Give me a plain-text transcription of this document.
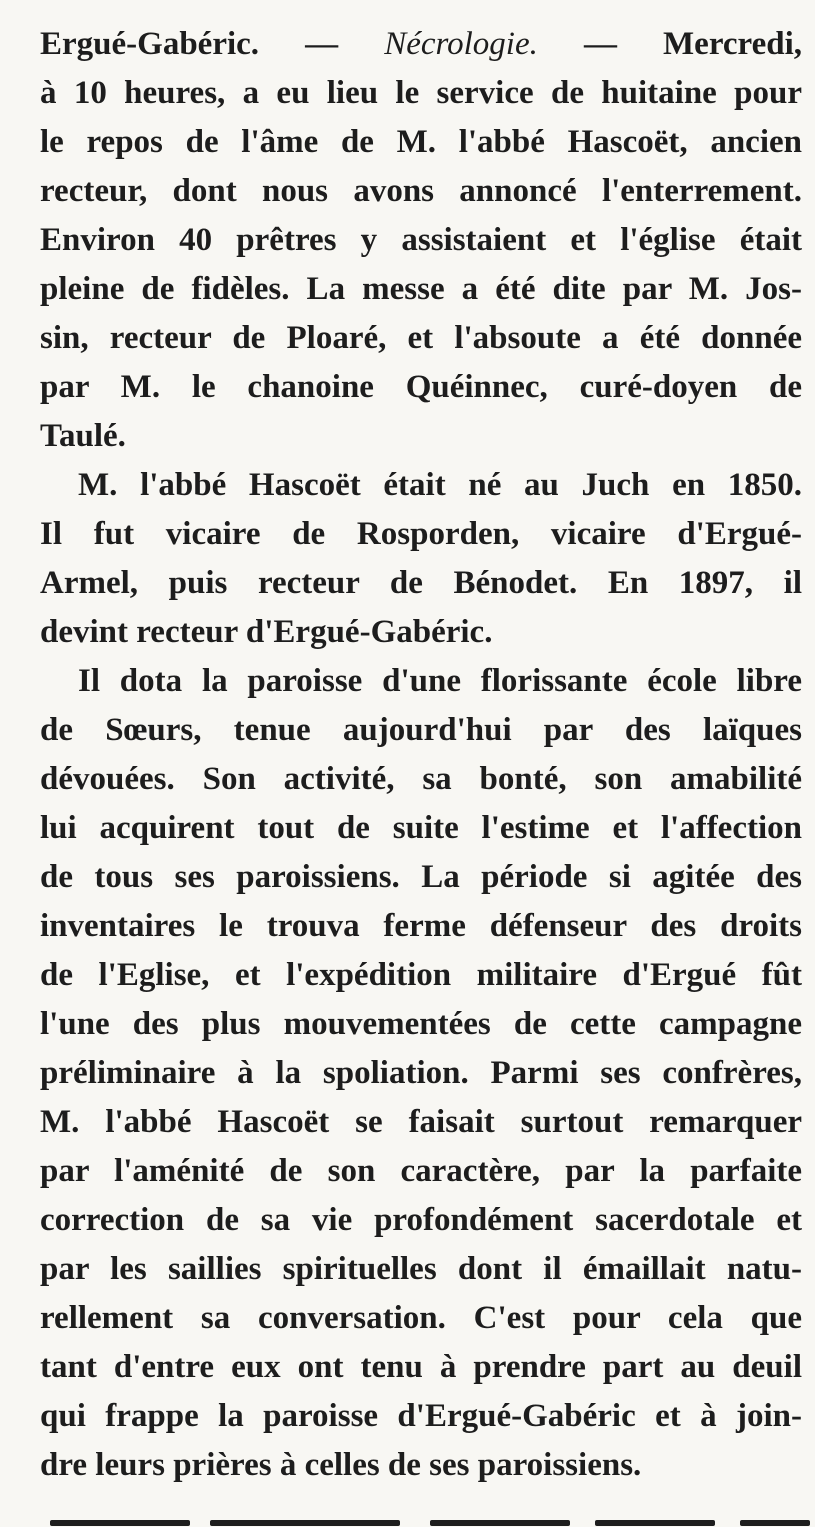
Ergué-Gabéric. — Nécrologie. — Mercredi,
à 10 heures, a eu lieu le service de huitaine pour
le repos de l'âme de M. l'abbé Hascoët, ancien
recteur, dont nous avons annoncé l'enterrement.
Environ 40 prêtres y assistaient et l'église était
pleine de fidèles. La messe a été dite par M. Jos-
sin, recteur de Ploaré, et l'absoute a été donnée
par M. le chanoine Quéinnec, curé-doyen de
Taulé.
M. l'abbé Hascoët était né au Juch en 1850.
Il fut vicaire de Rosporden, vicaire d'Ergué-
Armel, puis recteur de Bénodet. En 1897, il
devint recteur d'Ergué-Gabéric.
Il dota la paroisse d'une florissante école libre
de Sœurs, tenue aujourd'hui par des laïques
dévouées. Son activité, sa bonté, son amabilité
lui acquirent tout de suite l'estime et l'affection
de tous ses paroissiens. La période si agitée des
inventaires le trouva ferme défenseur des droits
de l'Eglise, et l'expédition militaire d'Ergué fût
l'une des plus mouvementées de cette campagne
préliminaire à la spoliation. Parmi ses confrères,
M. l'abbé Hascoët se faisait surtout remarquer
par l'aménité de son caractère, par la parfaite
correction de sa vie profondément sacerdotale et
par les saillies spirituelles dont il émaillait natu-
rellement sa conversation. C'est pour cela que
tant d'entre eux ont tenu à prendre part au deuil
qui frappe la paroisse d'Ergué-Gabéric et à join-
dre leurs prières à celles de ses paroissiens.
